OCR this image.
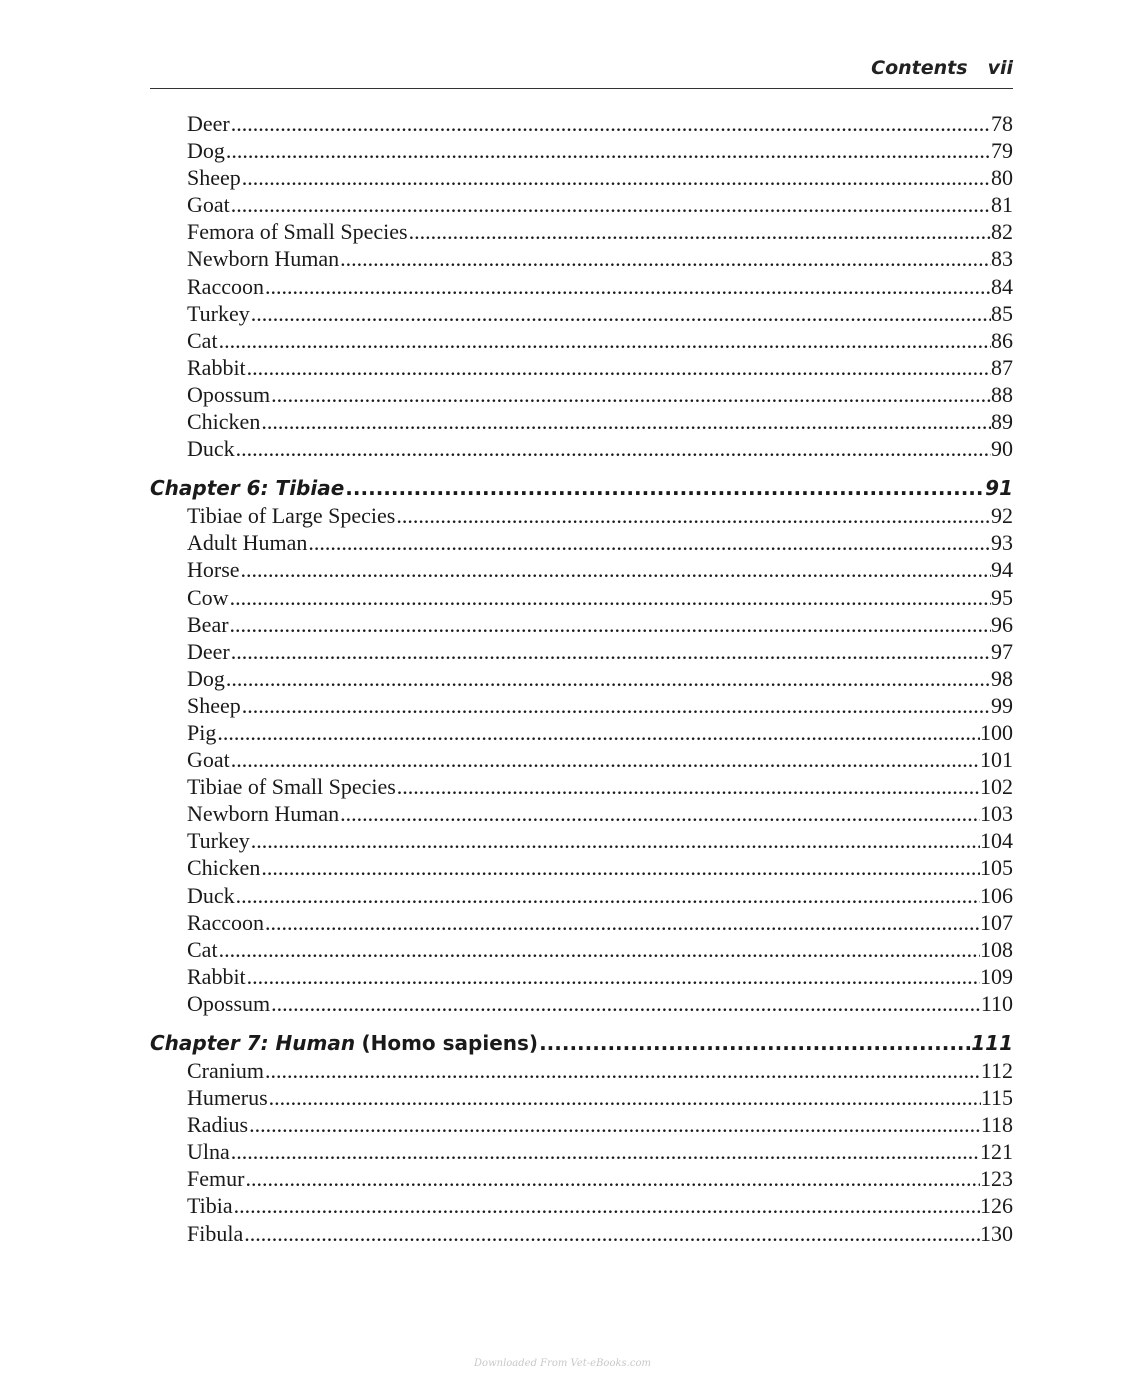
Contents vii
Deer .....	78
Dog .....	79
Sheep .....	80
Goat .....	81
Femora of Small Species .....	82
Newborn Human .....	83
Raccoon .....	84
Turkey .....	85
Cat .....	86
Rabbit .....	87
Opossum .....	88
Chicken .....	89
Duck .....	90
Chapter 6: Tibiae .....	91
Tibiae of Large Species .....	92
Adult Human .....	93
Horse .....	94
Cow .....	95
Bear .....	96
Deer .....	97
Dog .....	98
Sheep .....	99
Pig .....	100
Goat .....	101
Tibiae of Small Species .....	102
Newborn Human .....	103
Turkey .....	104
Chicken .....	105
Duck .....	106
Raccoon .....	107
Cat .....	108
Rabbit .....	109
Opossum .....	110
Chapter 7: Human (Homo sapiens) .....	111
Cranium .....	112
Humerus .....	115
Radius .....	118
Ulna .....	121
Femur .....	123
Tibia .....	126
Fibula .....	130
Downloaded From Vet-eBooks.com
